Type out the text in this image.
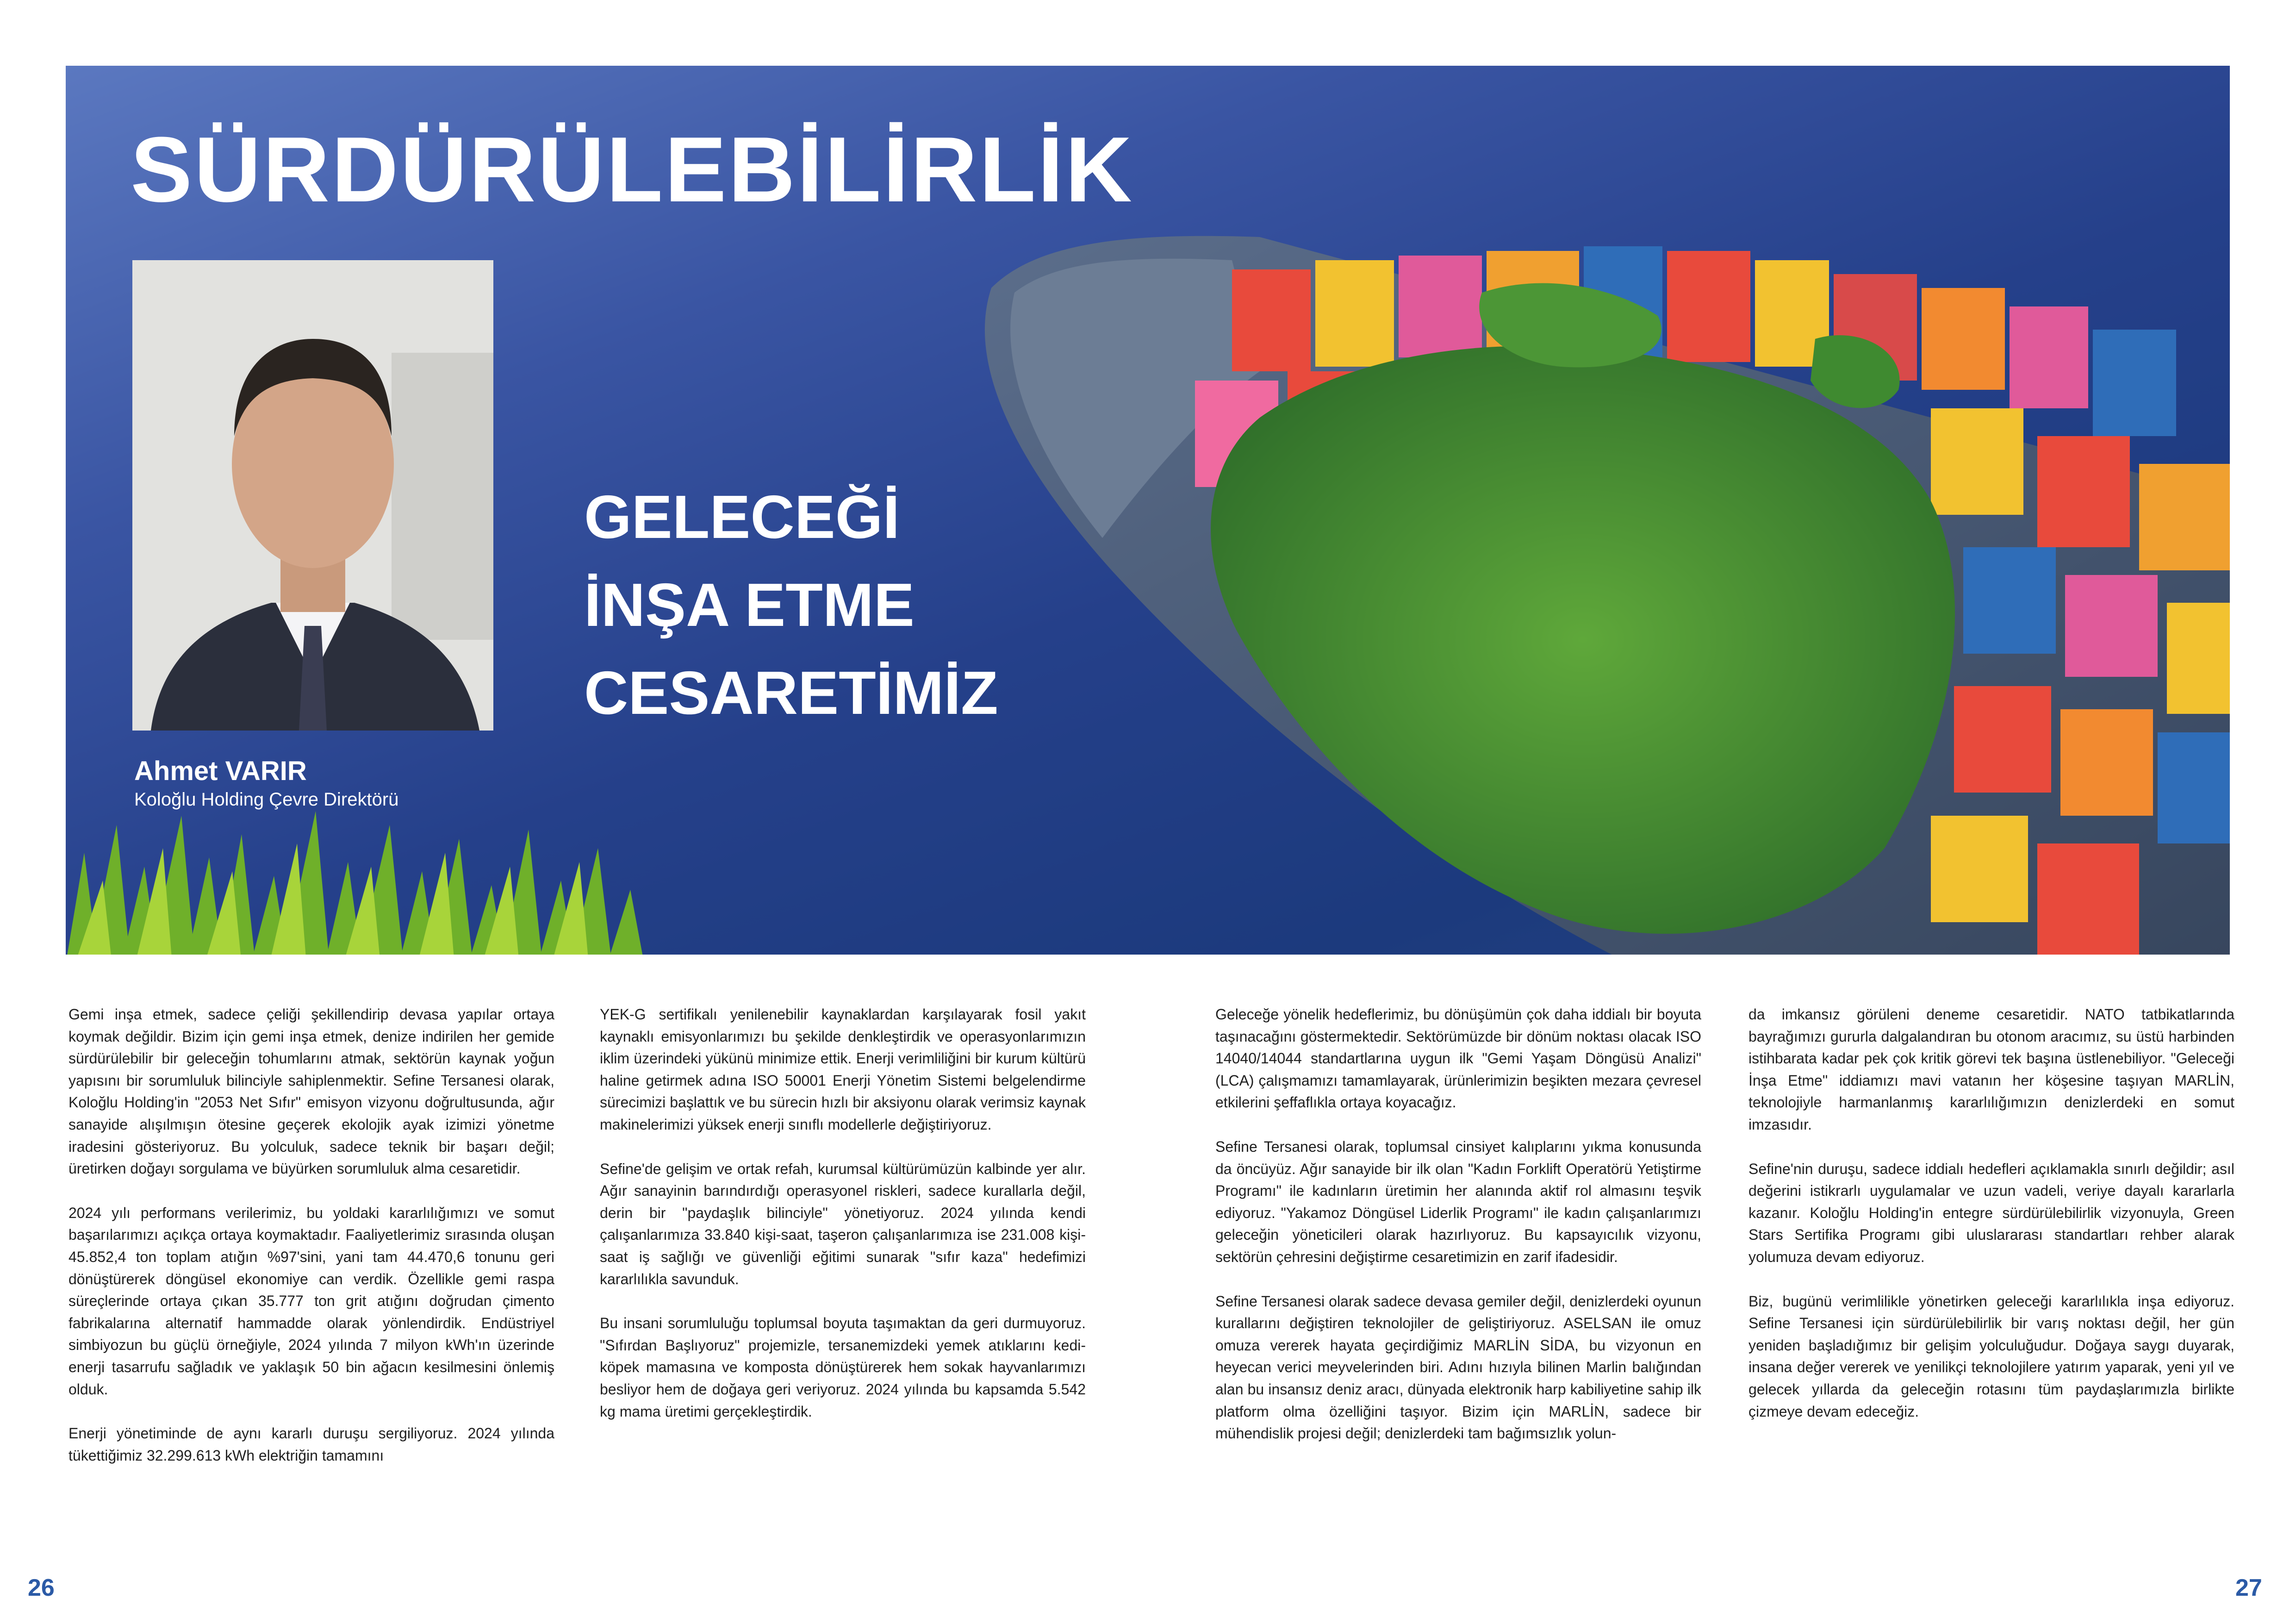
SÜRDÜRÜLEBİLİRLİK
GELECEĞİ
İNŞA ETME
CESARETİMİZ
Ahmet VARIR
Koloğlu Holding Çevre Direktörü

Gemi inşa etmek, sadece çeliği şekillendirip devasa yapılar ortaya koymak değildir. Bizim için gemi inşa etmek, denize indirilen her gemide sürdürülebilir bir geleceğin tohumlarını atmak, sektörün kaynak yoğun yapısını bir sorumluluk bilinciyle sahiplenmektir. Sefine Tersanesi olarak, Koloğlu Holding'in "2053 Net Sıfır" emisyon vizyonu doğrultusunda, ağır sanayide alışılmışın ötesine geçerek ekolojik ayak izimizi yönetme iradesini gösteriyoruz. Bu yolculuk, sadece teknik bir başarı değil; üretirken doğayı sorgulama ve büyürken sorumluluk alma cesaretidir.

2024 yılı performans verilerimiz, bu yoldaki kararlılığımızı ve somut başarılarımızı açıkça ortaya koymaktadır. Faaliyetlerimiz sırasında oluşan 45.852,4 ton toplam atığın %97'sini, yani tam 44.470,6 tonunu geri dönüştürerek döngüsel ekonomiye can verdik. Özellikle gemi raspa süreçlerinde ortaya çıkan 35.777 ton grit atığını doğrudan çimento fabrikalarına alternatif hammadde olarak yönlendirdik. Endüstriyel simbiyozun bu güçlü örneğiyle, 2024 yılında 7 milyon kWh'ın üzerinde enerji tasarrufu sağladık ve yaklaşık 50 bin ağacın kesilmesini önlemiş olduk.

Enerji yönetiminde de aynı kararlı duruşu sergiliyoruz. 2024 yılında tükettiğimiz 32.299.613 kWh elektriğin tamamını

YEK-G sertifikalı yenilenebilir kaynaklardan karşılayarak fosil yakıt kaynaklı emisyonlarımızı bu şekilde denkleştirdik ve operasyonlarımızın iklim üzerindeki yükünü minimize ettik. Enerji verimliliğini bir kurum kültürü haline getirmek adına ISO 50001 Enerji Yönetim Sistemi belgelendirme sürecimizi başlattık ve bu sürecin hızlı bir aksiyonu olarak verimsiz kaynak makinelerimizi yüksek enerji sınıflı modellerle değiştiriyoruz.

Sefine'de gelişim ve ortak refah, kurumsal kültürümüzün kalbinde yer alır. Ağır sanayinin barındırdığı operasyonel riskleri, sadece kurallarla değil, derin bir "paydaşlık bilinciyle" yönetiyoruz. 2024 yılında kendi çalışanlarımıza 33.840 kişi-saat, taşeron çalışanlarımıza ise 231.008 kişi-saat iş sağlığı ve güvenliği eğitimi sunarak "sıfır kaza" hedefimizi kararlılıkla savunduk.

Bu insani sorumluluğu toplumsal boyuta taşımaktan da geri durmuyoruz. "Sıfırdan Başlıyoruz" projemizle, tersanemizdeki yemek atıklarını kedi-köpek mamasına ve komposta dönüştürerek hem sokak hayvanlarımızı besliyor hem de doğaya geri veriyoruz. 2024 yılında bu kapsamda 5.542 kg mama üretimi gerçekleştirdik.

Geleceğe yönelik hedeflerimiz, bu dönüşümün çok daha iddialı bir boyuta taşınacağını göstermektedir. Sektörümüzde bir dönüm noktası olacak ISO 14040/14044 standartlarına uygun ilk "Gemi Yaşam Döngüsü Analizi" (LCA) çalışmamızı tamamlayarak, ürünlerimizin beşikten mezara çevresel etkilerini şeffaflıkla ortaya koyacağız.

Sefine Tersanesi olarak, toplumsal cinsiyet kalıplarını yıkma konusunda da öncüyüz. Ağır sanayide bir ilk olan "Kadın Forklift Operatörü Yetiştirme Programı" ile kadınların üretimin her alanında aktif rol almasını teşvik ediyoruz. "Yakamoz Döngüsel Liderlik Programı" ile kadın çalışanlarımızı geleceğin yöneticileri olarak hazırlıyoruz. Bu kapsayıcılık vizyonu, sektörün çehresini değiştirme cesaretimizin en zarif ifadesidir.

Sefine Tersanesi olarak sadece devasa gemiler değil, denizlerdeki oyunun kurallarını değiştiren teknolojiler de geliştiriyoruz. ASELSAN ile omuz omuza vererek hayata geçirdiğimiz MARLİN SİDA, bu vizyonun en heyecan verici meyvelerinden biri. Adını hızıyla bilinen Marlin balığından alan bu insansız deniz aracı, dünyada elektronik harp kabiliyetine sahip ilk platform olma özelliğini taşıyor. Bizim için MARLİN, sadece bir mühendislik projesi değil; denizlerdeki tam bağımsızlık yolun-

da imkansız görüleni deneme cesaretidir. NATO tatbikatlarında bayrağımızı gururla dalgalandıran bu otonom aracımız, su üstü harbinden istihbarata kadar pek çok kritik görevi tek başına üstlenebiliyor. "Geleceği İnşa Etme" iddiamızı mavi vatanın her köşesine taşıyan MARLİN, teknolojiyle harmanlanmış kararlılığımızın denizlerdeki en somut imzasıdır.

Sefine'nin duruşu, sadece iddialı hedefleri açıklamakla sınırlı değildir; asıl değerini istikrarlı uygulamalar ve uzun vadeli, veriye dayalı kararlarla kazanır. Koloğlu Holding'in entegre sürdürülebilirlik vizyonuyla, Green Stars Sertifika Programı gibi uluslararası standartları rehber alarak yolumuza devam ediyoruz.

Biz, bugünü verimlilikle yönetirken geleceği kararlılıkla inşa ediyoruz. Sefine Tersanesi için sürdürülebilirlik bir varış noktası değil, her gün yeniden başladığımız bir gelişim yolculuğudur. Doğaya saygı duyarak, insana değer vererek ve yenilikçi teknolojilere yatırım yaparak, yeni yıl ve gelecek yıllarda da geleceğin rotasını tüm paydaşlarımızla birlikte çizmeye devam edeceğiz.

26	27
